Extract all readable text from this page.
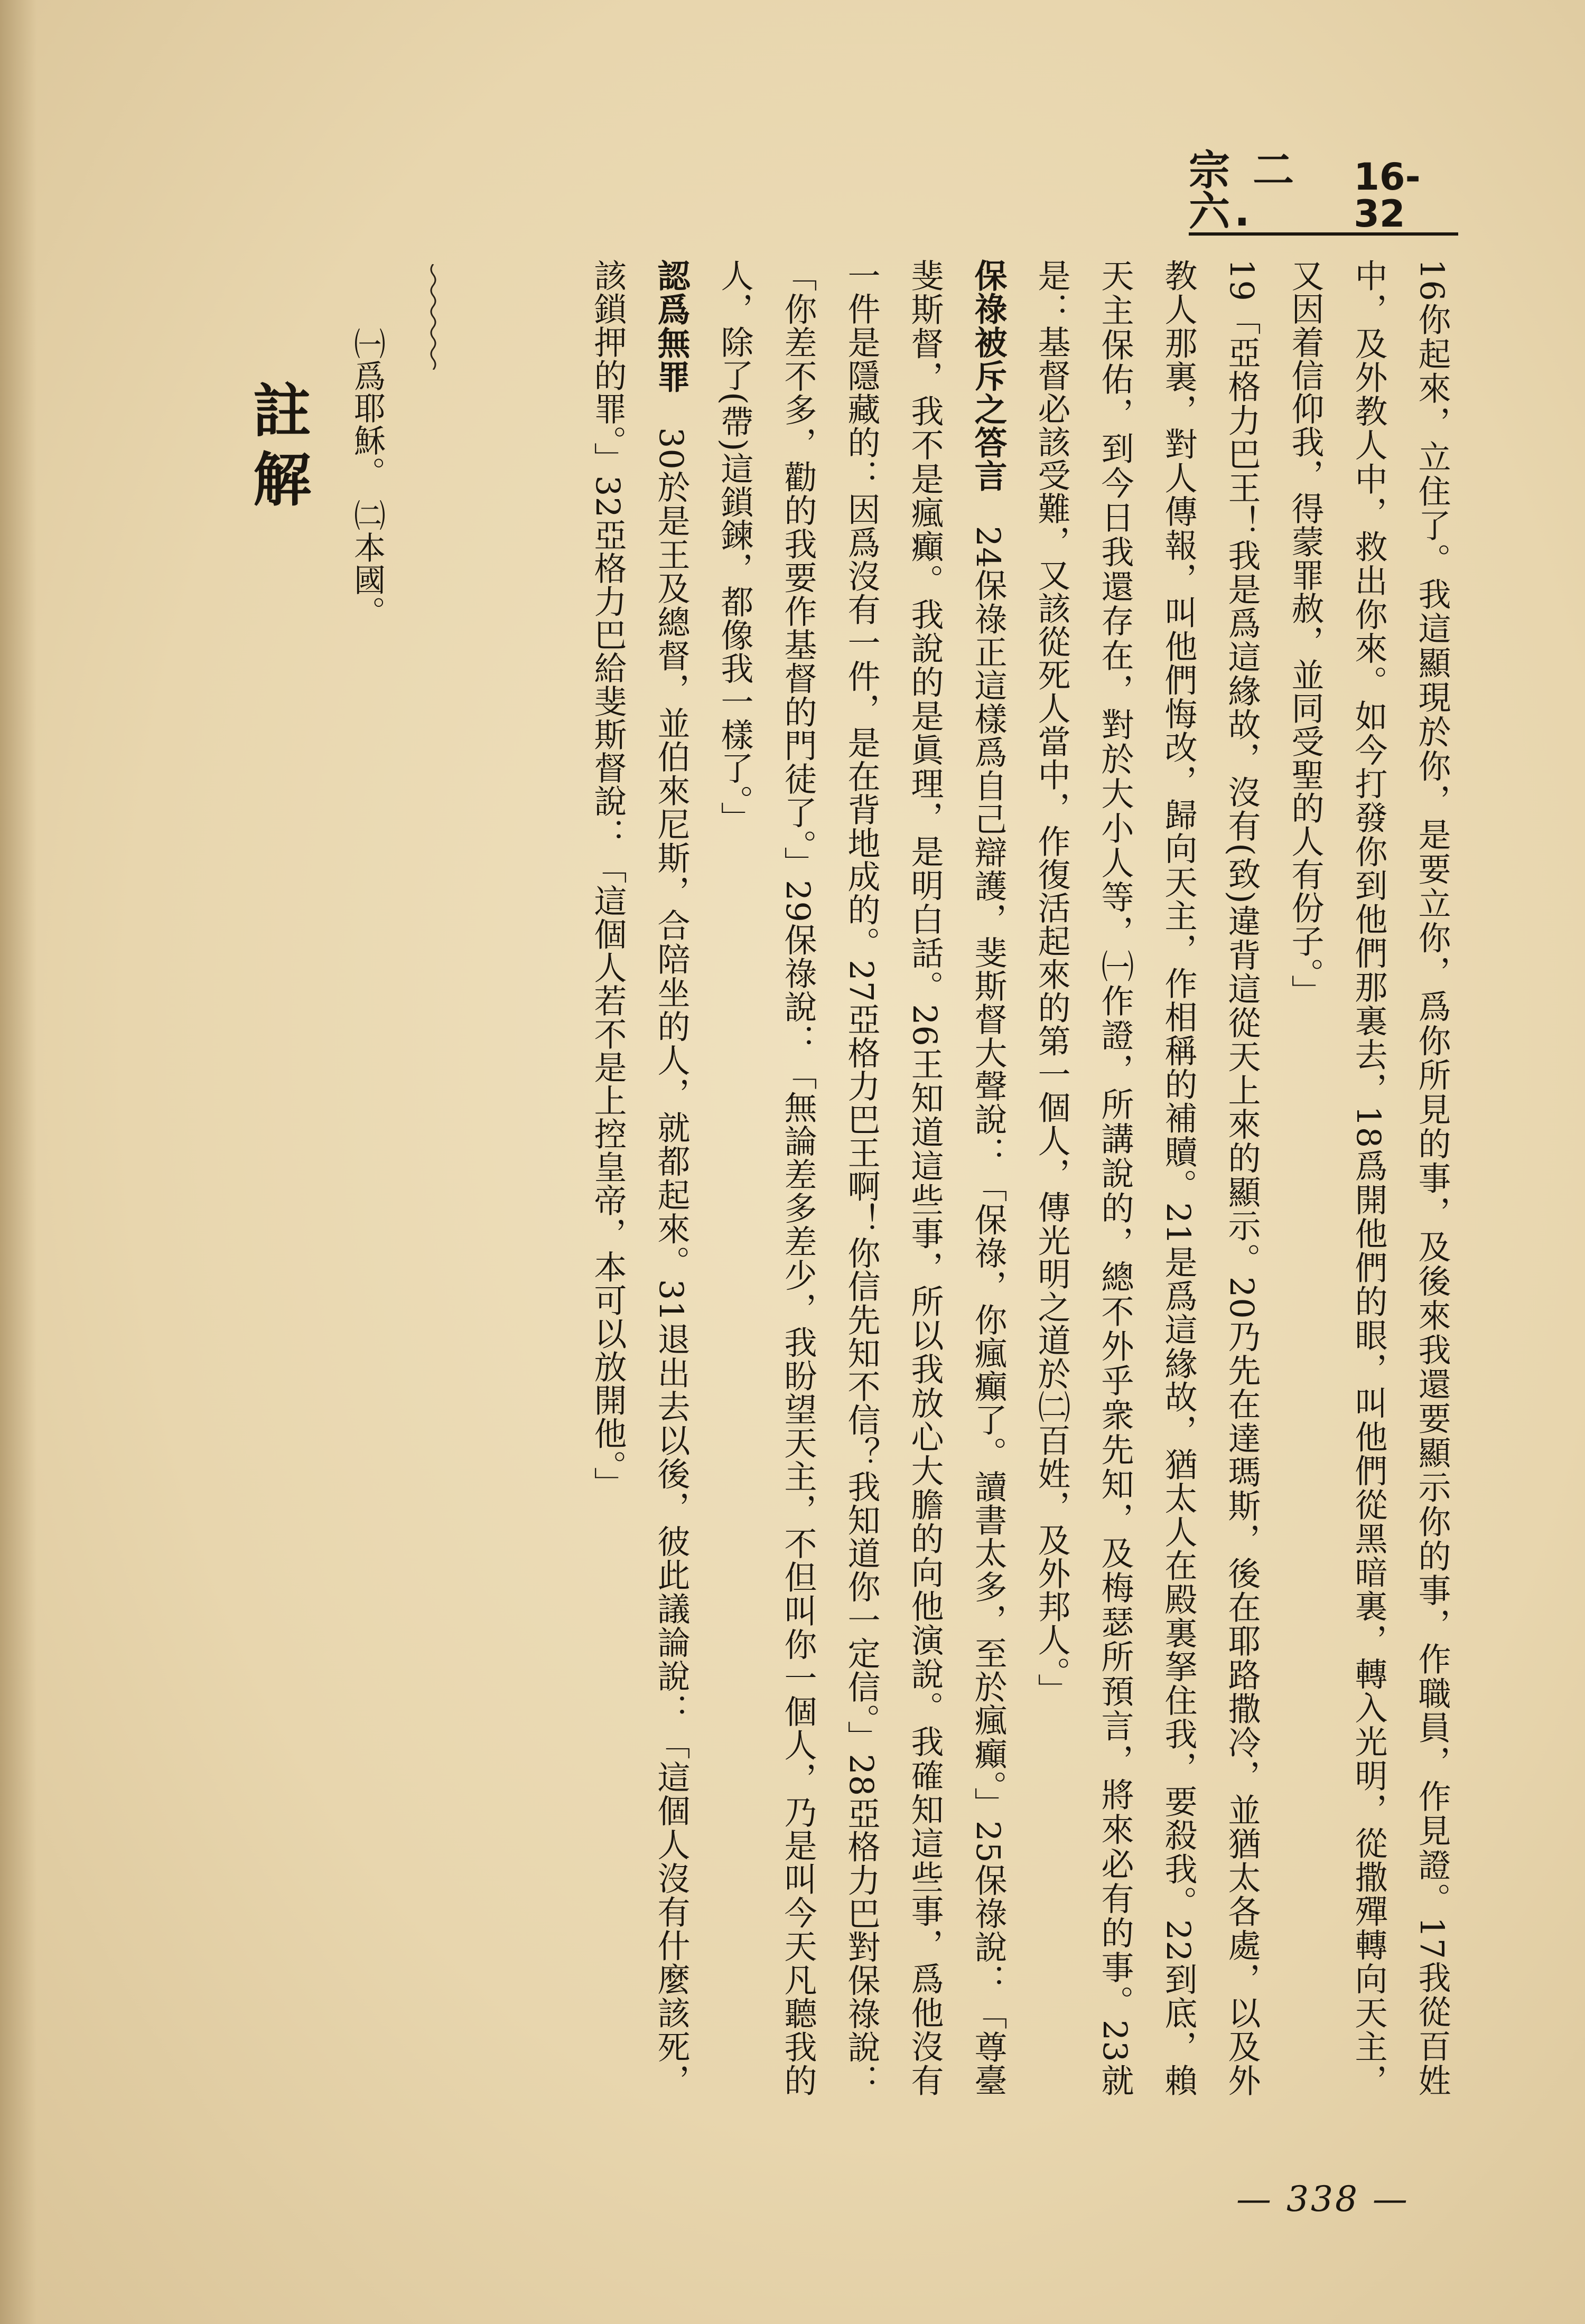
宗 二六.
16-32

16你起來，立住了。我這顯現於你，是要立你，爲你所見的事，及後來我還要顯示你的事，作職員，作見證。17我從百姓中，及外教人中，救出你來。如今打發你到他們那裏去，18爲開他們的眼，叫他們從黑暗裏，轉入光明，從撒殫轉向天主，又因着信仰我，得蒙罪赦，並同受聖的人有份子。」

19「亞格力巴王！我是爲這緣故，沒有(致)違背這從天上來的顯示。20乃先在達瑪斯，後在耶路撒冷，並猶太各處，以及外教人那裏，對人傳報，叫他們悔改，歸向天主，作相稱的補贖。21是爲這緣故，猶太人在殿裏拏住我，要殺我。22到底，賴天主保佑，到今日我還存在，對於大小人等，㈠作證，所講說的，總不外乎衆先知，及梅瑟所預言，將來必有的事。23就是：基督必該受難，又該從死人當中，作復活起來的第一個人，傳光明之道於㈡百姓，及外邦人。」

保祿被斥之答言　24保祿正這樣爲自己辯護，斐斯督大聲說：「保祿，你瘋癲了。讀書太多，至於瘋癲。」25保祿說：「尊臺斐斯督，我不是瘋癲。我說的是眞理，是明白話。26王知道這些事，所以我放心大膽的向他演說。我確知這些事，爲他沒有一件是隱藏的：因爲沒有一件，是在背地成的。27亞格力巴王啊！你信先知不信？我知道你一定信。」28亞格力巴對保祿說：「你差不多，勸的我要作基督的門徒了。」29保祿說：「無論差多差少，我盼望天主，不但叫你一個人，乃是叫今天凡聽我的人，除了(帶)這鎖鍊，都像我一樣了。」

認爲無罪　30於是王及總督，並伯來尼斯，合陪坐的人，就都起來。31退出去以後，彼此議論說：「這個人沒有什麼該死，該鎖押的罪。」32亞格力巴給斐斯督說：「這個人若不是上控皇帝，本可以放開他。」

㈠爲耶穌。 ㈡本國。
註解
— 338 —
